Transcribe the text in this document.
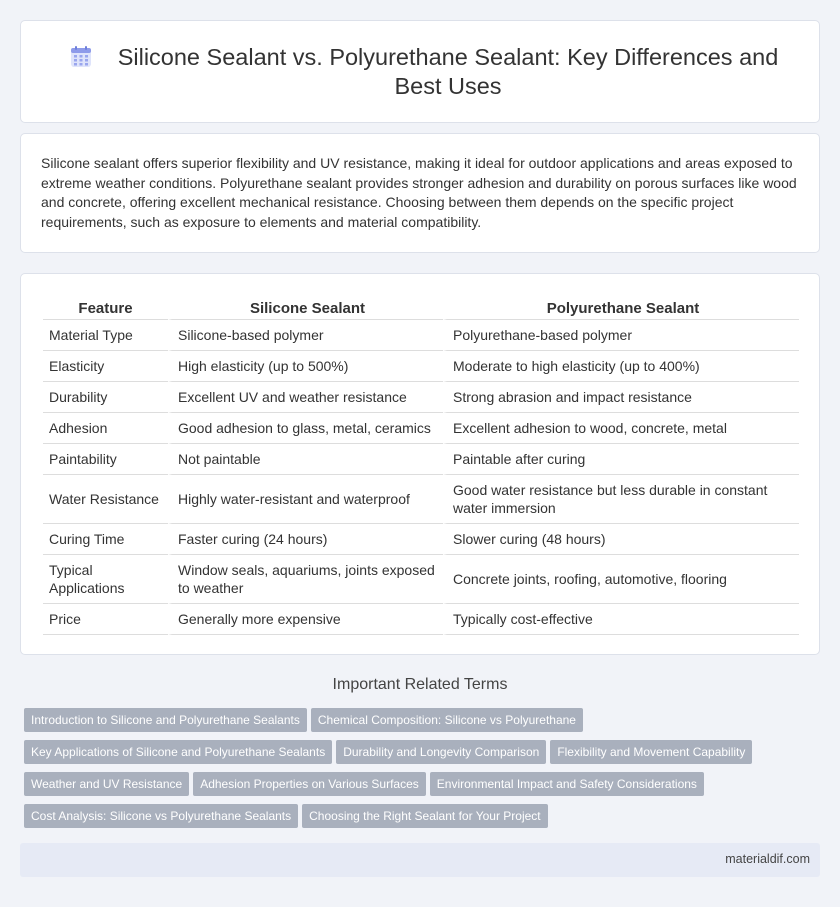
Silicone Sealant vs. Polyurethane Sealant: Key Differences and Best Uses

Silicone sealant offers superior flexibility and UV resistance, making it ideal for outdoor applications and areas exposed to extreme weather conditions. Polyurethane sealant provides stronger adhesion and durability on porous surfaces like wood and concrete, offering excellent mechanical resistance. Choosing between them depends on the specific project requirements, such as exposure to elements and material compatibility.

Feature	Silicone Sealant	Polyurethane Sealant
Material Type	Silicone-based polymer	Polyurethane-based polymer
Elasticity	High elasticity (up to 500%)	Moderate to high elasticity (up to 400%)
Durability	Excellent UV and weather resistance	Strong abrasion and impact resistance
Adhesion	Good adhesion to glass, metal, ceramics	Excellent adhesion to wood, concrete, metal
Paintability	Not paintable	Paintable after curing
Water Resistance	Highly water-resistant and waterproof	Good water resistance but less durable in constant water immersion
Curing Time	Faster curing (24 hours)	Slower curing (48 hours)
Typical Applications	Window seals, aquariums, joints exposed to weather	Concrete joints, roofing, automotive, flooring
Price	Generally more expensive	Typically cost-effective
Important Related Terms
Introduction to Silicone and Polyurethane Sealants Chemical Composition: Silicone vs Polyurethane
Key Applications of Silicone and Polyurethane Sealants Durability and Longevity Comparison Flexibility and Movement Capability
Weather and UV Resistance Adhesion Properties on Various Surfaces Environmental Impact and Safety Considerations
Cost Analysis: Silicone vs Polyurethane Sealants Choosing the Right Sealant for Your Project
materialdif.com
